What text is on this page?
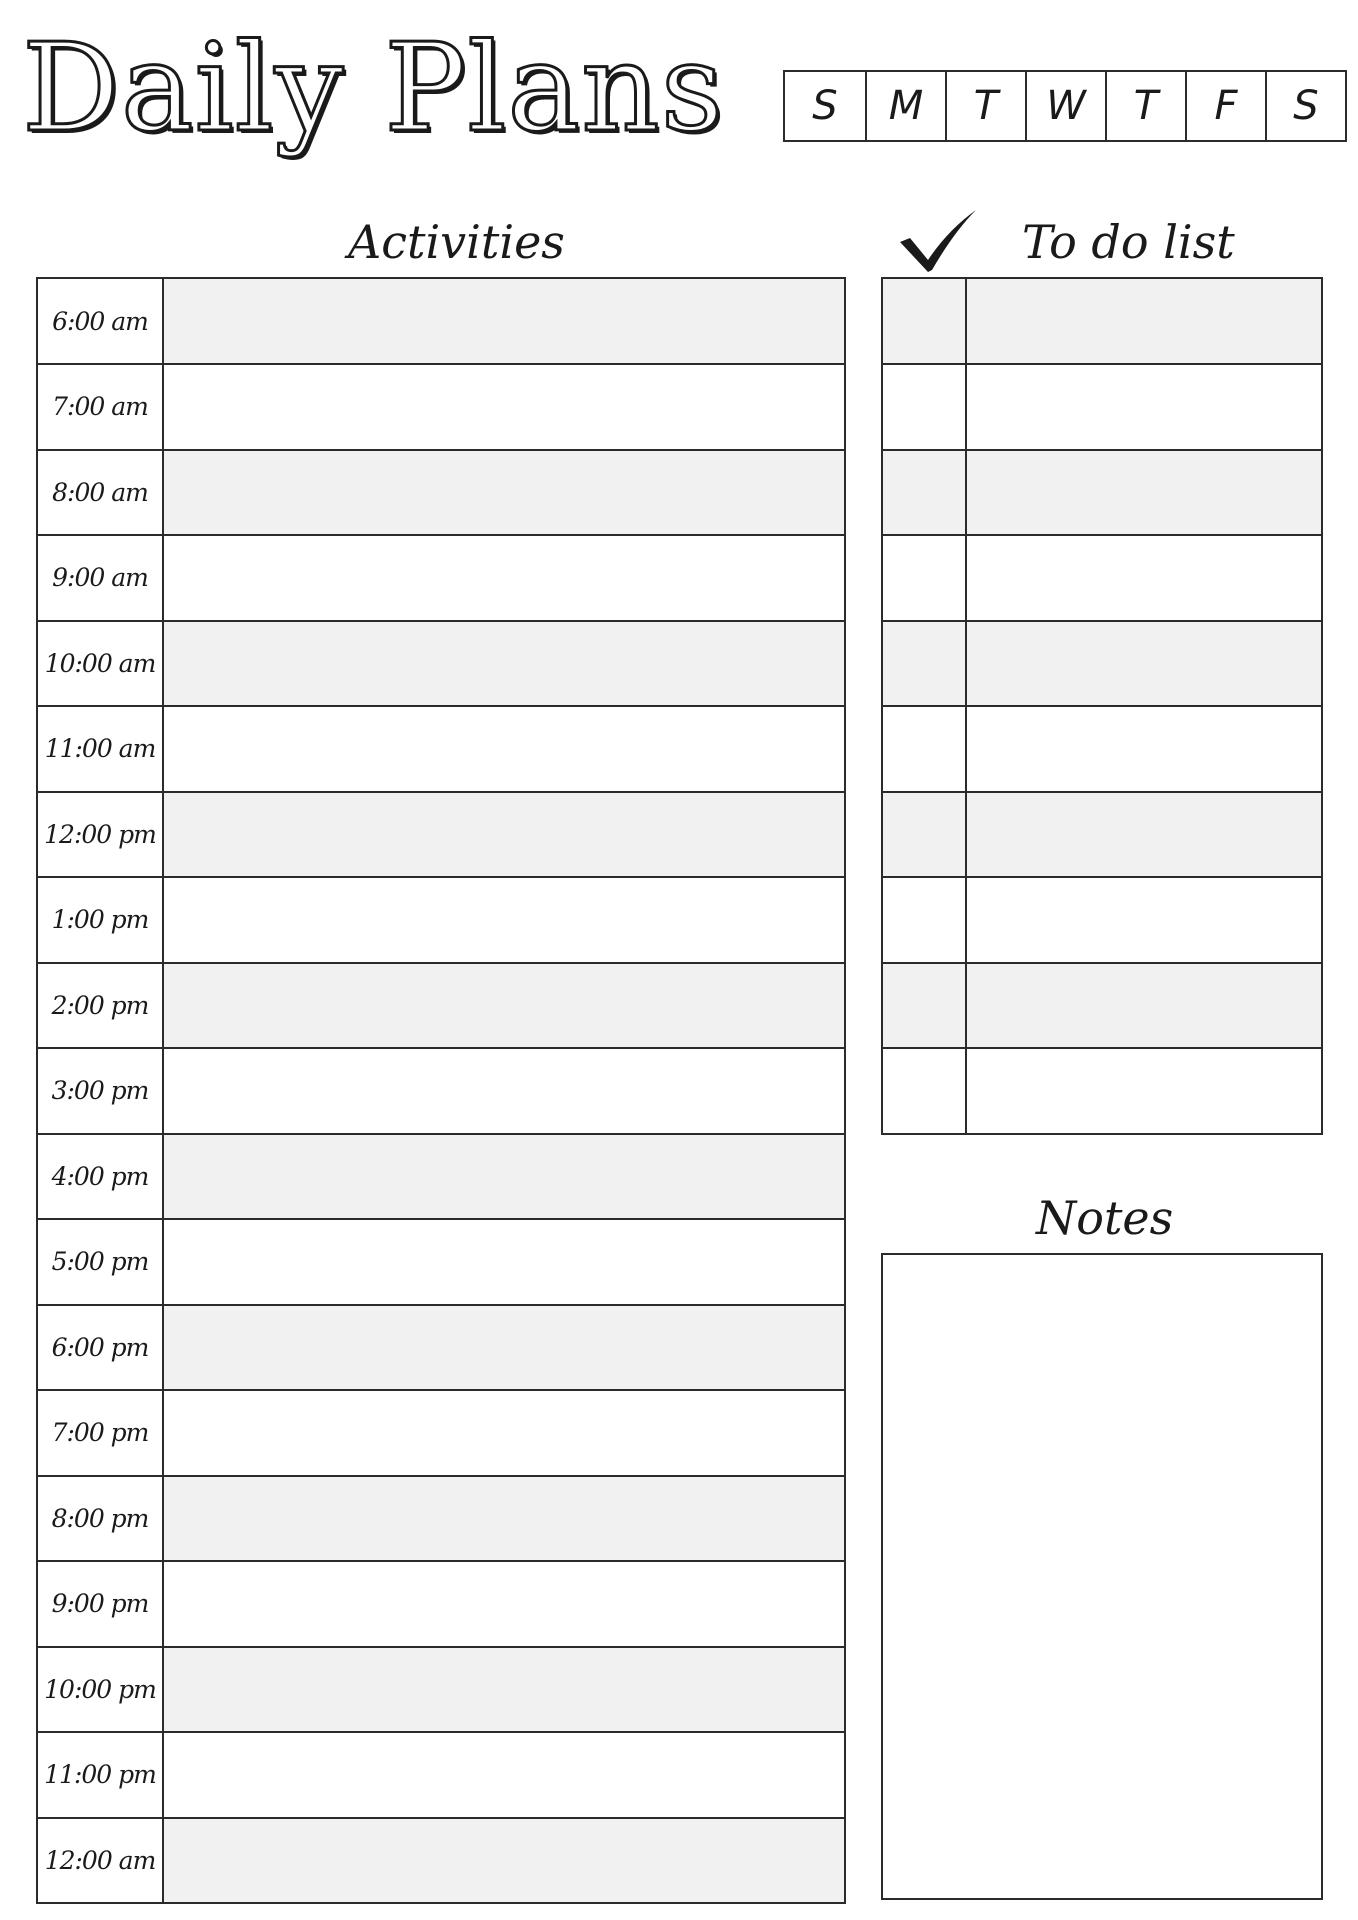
Daily Plans	S	M	T	W	T	F	S
Activities	To do list
6:00 am
7:00 am
8:00 am
9:00 am
10:00 am
11:00 am
12:00 pm
1:00 pm
2:00 pm
3:00 pm
4:00 pm
5:00 pm
6:00 pm
7:00 pm
8:00 pm
9:00 pm
10:00 pm
11:00 pm
12:00 am
Notes
